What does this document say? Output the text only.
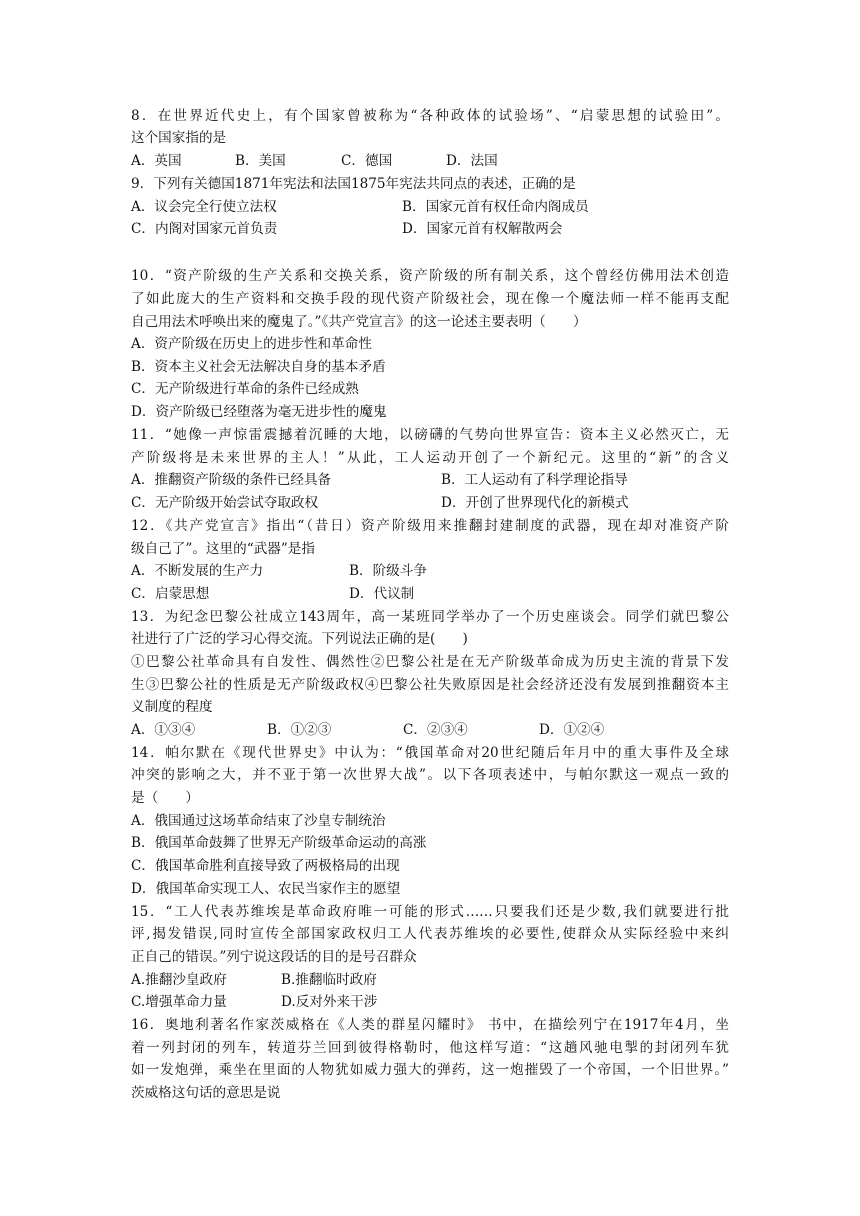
8．在世界近代史上，有个国家曾被称为“各种政体的试验场”、“启蒙思想的试验田”。
这个国家指的是
A．英国	B．美国	C．德国	D．法国
9．下列有关德国1871年宪法和法国1875年宪法共同点的表述，正确的是
A．议会完全行使立法权	B．国家元首有权任命内阁成员
C．内阁对国家元首负责	D．国家元首有权解散两会
10．“资产阶级的生产关系和交换关系，资产阶级的所有制关系，这个曾经仿佛用法术创造
了如此庞大的生产资料和交换手段的现代资产阶级社会，现在像一个魔法师一样不能再支配
自己用法术呼唤出来的魔鬼了。”《共产党宣言》的这一论述主要表明（　　）
A．资产阶级在历史上的进步性和革命性
B．资本主义社会无法解决自身的基本矛盾
C．无产阶级进行革命的条件已经成熟
D．资产阶级已经堕落为毫无进步性的魔鬼
11．“她像一声惊雷震撼着沉睡的大地，以磅礴的气势向世界宣告：资本主义必然灭亡，无
产阶级将是未来世界的主人！”从此，工人运动开创了一个新纪元。这里的“新”的含义
A．推翻资产阶级的条件已经具备	B．工人运动有了科学理论指导
C．无产阶级开始尝试夺取政权	D．开创了世界现代化的新模式
12．《共产党宣言》指出“（昔日）资产阶级用来推翻封建制度的武器，现在却对准资产阶
级自己了”。这里的“武器”是指
A．不断发展的生产力	B．阶级斗争
C．启蒙思想	D．代议制
13．为纪念巴黎公社成立143周年，高一某班同学举办了一个历史座谈会。同学们就巴黎公
社进行了广泛的学习心得交流。下列说法正确的是(　　)
①巴黎公社革命具有自发性、偶然性②巴黎公社是在无产阶级革命成为历史主流的背景下发
生③巴黎公社的性质是无产阶级政权④巴黎公社失败原因是社会经济还没有发展到推翻资本主
义制度的程度
A．①③④	B．①②③	C．②③④	D．①②④
14．帕尔默在《现代世界史》中认为：“俄国革命对20世纪随后年月中的重大事件及全球
冲突的影响之大，并不亚于第一次世界大战”。以下各项表述中，与帕尔默这一观点一致的
是（　　）
A．俄国通过这场革命结束了沙皇专制统治
B．俄国革命鼓舞了世界无产阶级革命运动的高涨
C．俄国革命胜利直接导致了两极格局的出现
D．俄国革命实现工人、农民当家作主的愿望
15．“工人代表苏维埃是革命政府唯一可能的形式……只要我们还是少数,我们就要进行批
评,揭发错误,同时宣传全部国家政权归工人代表苏维埃的必要性,使群众从实际经验中来纠
正自己的错误。”列宁说这段话的目的是号召群众
A.推翻沙皇政府	B.推翻临时政府
C.增强革命力量	D.反对外来干涉
16．奥地利著名作家茨威格在《人类的群星闪耀时》 书中，在描绘列宁在1917年4月，坐
着一列封闭的列车，转道芬兰回到彼得格勒时，他这样写道：“这趟风驰电掣的封闭列车犹
如一发炮弹，乘坐在里面的人物犹如威力强大的弹药，这一炮摧毁了一个帝国，一个旧世界。”
茨威格这句话的意思是说
